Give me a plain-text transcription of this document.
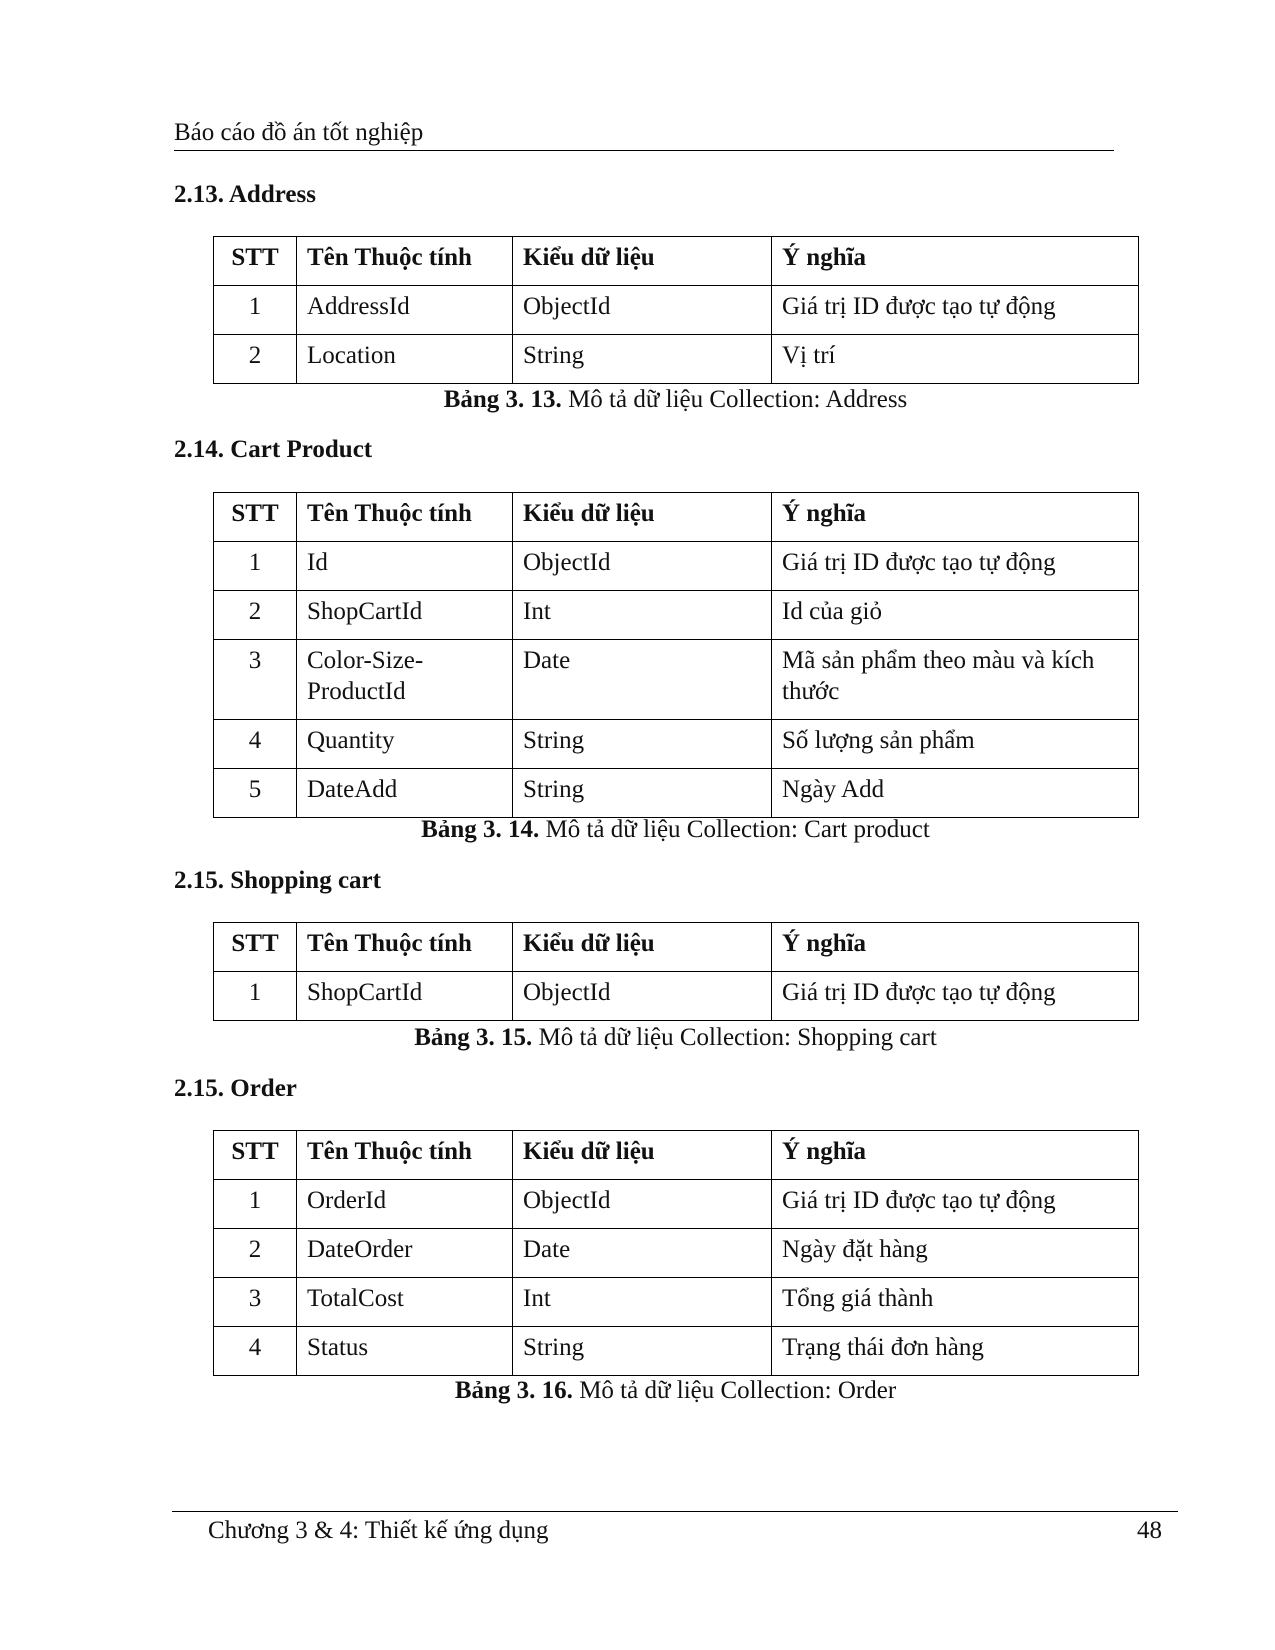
Báo cáo đồ án tốt nghiệp
2.13. Address
STT	Tên Thuộc tính	Kiểu dữ liệu	Ý nghĩa
1	AddressId	ObjectId	Giá trị ID được tạo tự động
2	Location	String	Vị trí
Bảng 3. 13. Mô tả dữ liệu Collection: Address
2.14. Cart Product
STT	Tên Thuộc tính	Kiểu dữ liệu	Ý nghĩa
1	Id	ObjectId	Giá trị ID được tạo tự động
2	ShopCartId	Int	Id của giỏ
3	Color-Size-ProductId	Date	Mã sản phẩm theo màu và kích thước
4	Quantity	String	Số lượng sản phẩm
5	DateAdd	String	Ngày Add
Bảng 3. 14. Mô tả dữ liệu Collection: Cart product
2.15. Shopping cart
STT	Tên Thuộc tính	Kiểu dữ liệu	Ý nghĩa
1	ShopCartId	ObjectId	Giá trị ID được tạo tự động
Bảng 3. 15. Mô tả dữ liệu Collection: Shopping cart
2.15. Order
STT	Tên Thuộc tính	Kiểu dữ liệu	Ý nghĩa
1	OrderId	ObjectId	Giá trị ID được tạo tự động
2	DateOrder	Date	Ngày đặt hàng
3	TotalCost	Int	Tổng giá thành
4	Status	String	Trạng thái đơn hàng
Bảng 3. 16. Mô tả dữ liệu Collection: Order
Chương 3 & 4: Thiết kế ứng dụng	48
